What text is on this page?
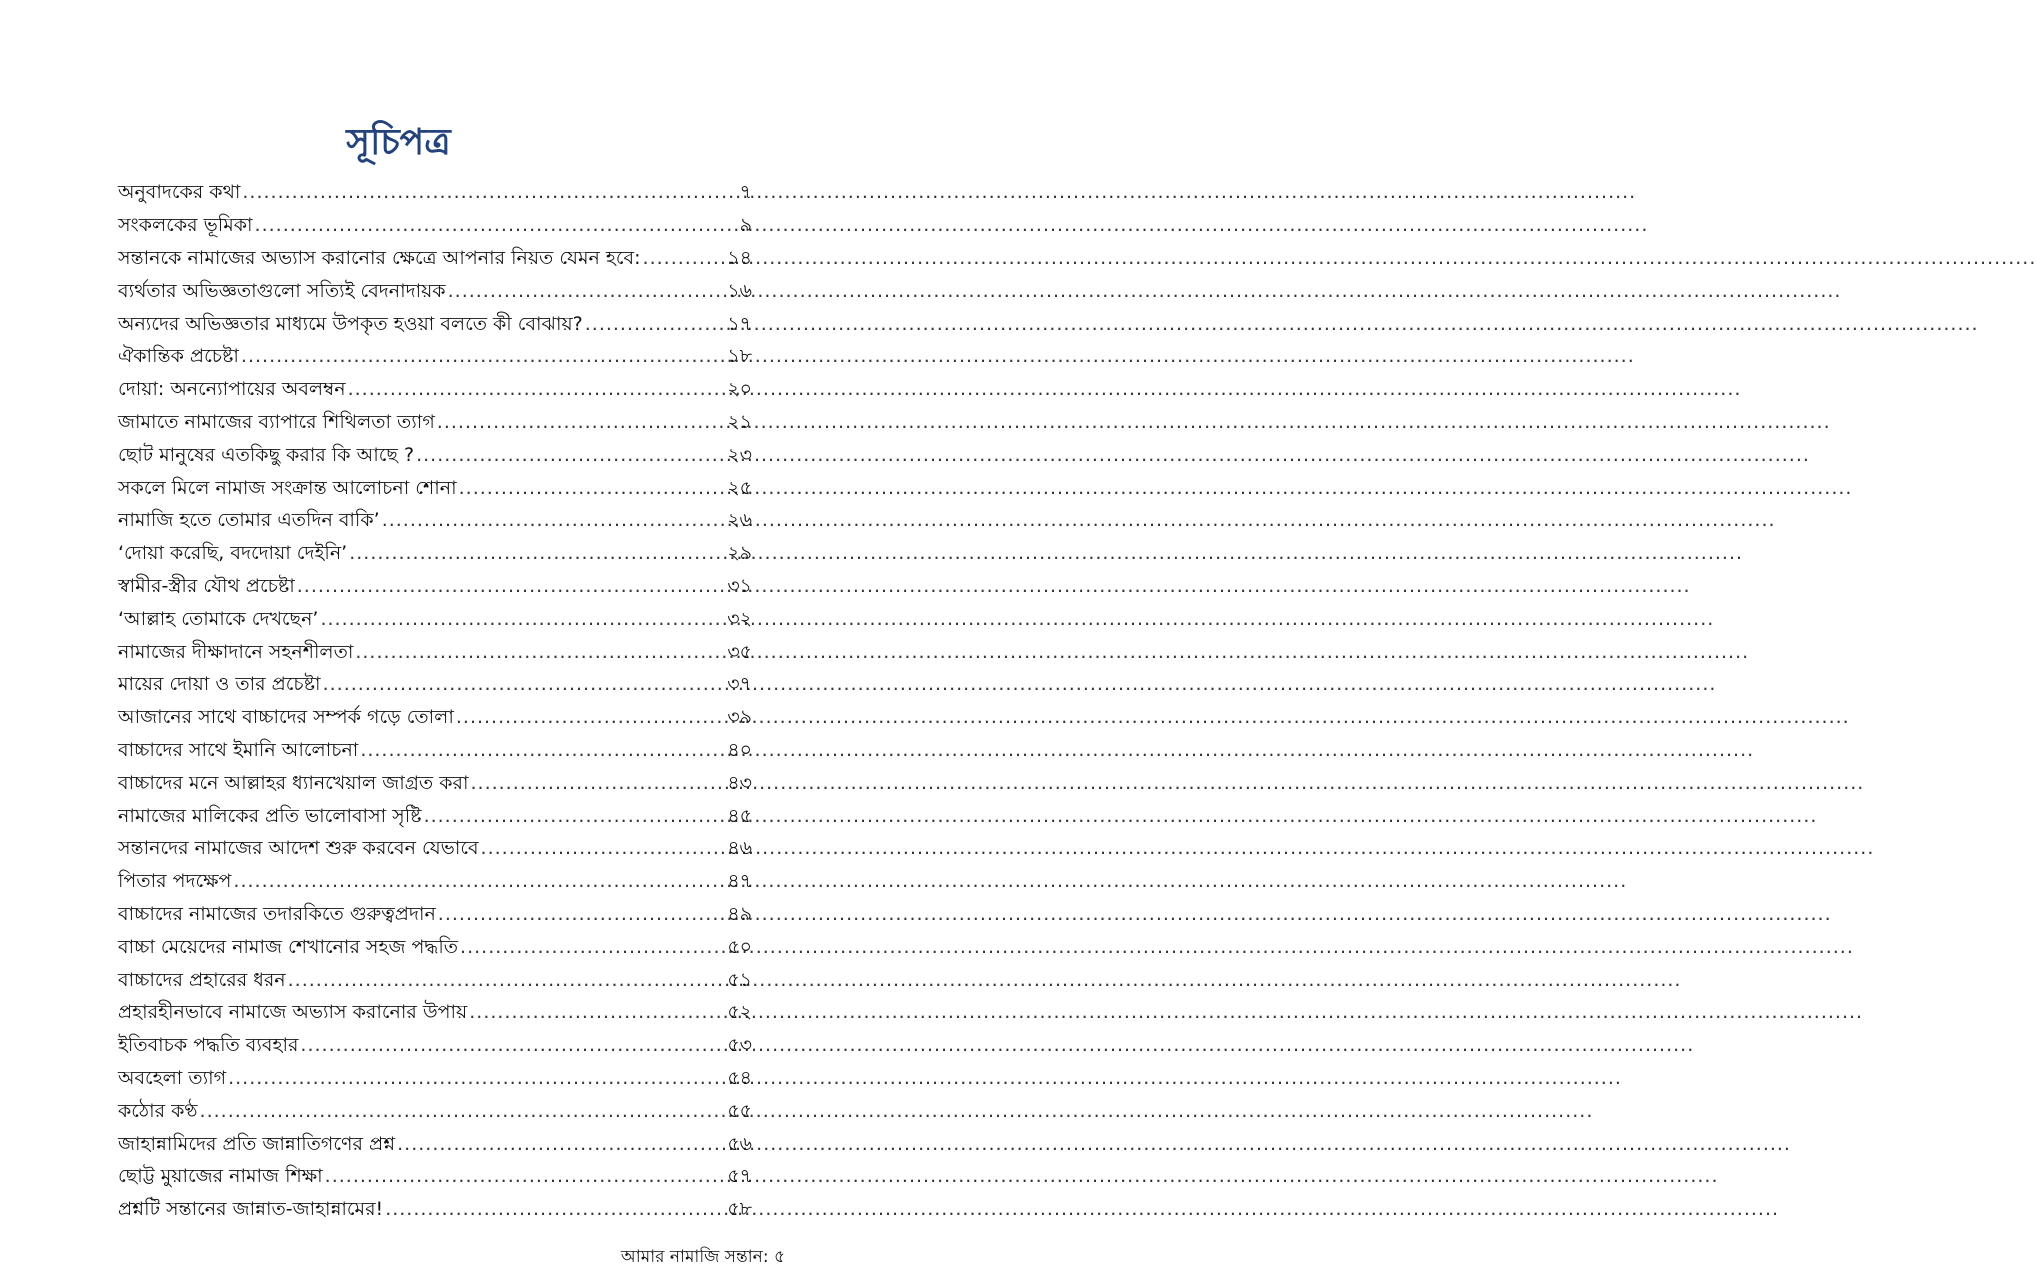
সূচিপত্র
অনুবাদকের কথা .....	৭
সংকলকের ভূমিকা .....	৯
সন্তানকে নামাজের অভ্যাস করানোর ক্ষেত্রে আপনার নিয়ত যেমন হবে: .....	১৪
ব্যর্থতার অভিজ্ঞতাগুলো সত্যিই বেদনাদায়ক .....	১৬
অন্যদের অভিজ্ঞতার মাধ্যমে উপকৃত হওয়া বলতে কী বোঝায়? .....	১৭
ঐকান্তিক প্রচেষ্টা .....	১৮
দোয়া: অনন্যোপায়ের অবলম্বন .....	২০
জামাতে নামাজের ব্যাপারে শিথিলতা ত্যাগ .....	২১
ছোট মানুষের এতকিছু করার কি আছে ? .....	২৩
সকলে মিলে নামাজ সংক্রান্ত আলোচনা শোনা .....	২৫
নামাজি হতে তোমার এতদিন বাকি’ .....	২৬
‘দোয়া করেছি, বদদোয়া দেইনি’ .....	২৯
স্বামীর-স্ত্রীর যৌথ প্রচেষ্টা .....	৩১
‘আল্লাহ তোমাকে দেখছেন’ .....	৩২
নামাজের দীক্ষাদানে সহনশীলতা .....	৩৫
মায়ের দোয়া ও তার প্রচেষ্টা .....	৩৭
আজানের সাথে বাচ্চাদের সম্পর্ক গড়ে তোলা .....	৩৯
বাচ্চাদের সাথে ইমানি আলোচনা .....	৪০
বাচ্চাদের মনে আল্লাহর ধ্যানখেয়াল জাগ্রত করা .....	৪৩
নামাজের মালিকের প্রতি ভালোবাসা সৃষ্টি .....	৪৫
সন্তানদের নামাজের আদেশ শুরু করবেন যেভাবে .....	৪৬
পিতার পদক্ষেপ .....	৪৭
বাচ্চাদের নামাজের তদারকিতে গুরুত্বপ্রদান .....	৪৯
বাচ্চা মেয়েদের নামাজ শেখানোর সহজ পদ্ধতি .....	৫০
বাচ্চাদের প্রহারের ধরন .....	৫১
প্রহারহীনভাবে নামাজে অভ্যাস করানোর উপায় .....	৫২
ইতিবাচক পদ্ধতি ব্যবহার .....	৫৩
অবহেলা ত্যাগ .....	৫৪
কঠোর কণ্ঠ .....	৫৫
জাহান্নামিদের প্রতি জান্নাতিগণের প্রশ্ন .....	৫৬
ছোট্ট মুয়াজের নামাজ শিক্ষা .....	৫৭
প্রশ্নটি সন্তানের জান্নাত-জাহান্নামের! .....	৫৮
আমার নামাজি সন্তান: ৫
